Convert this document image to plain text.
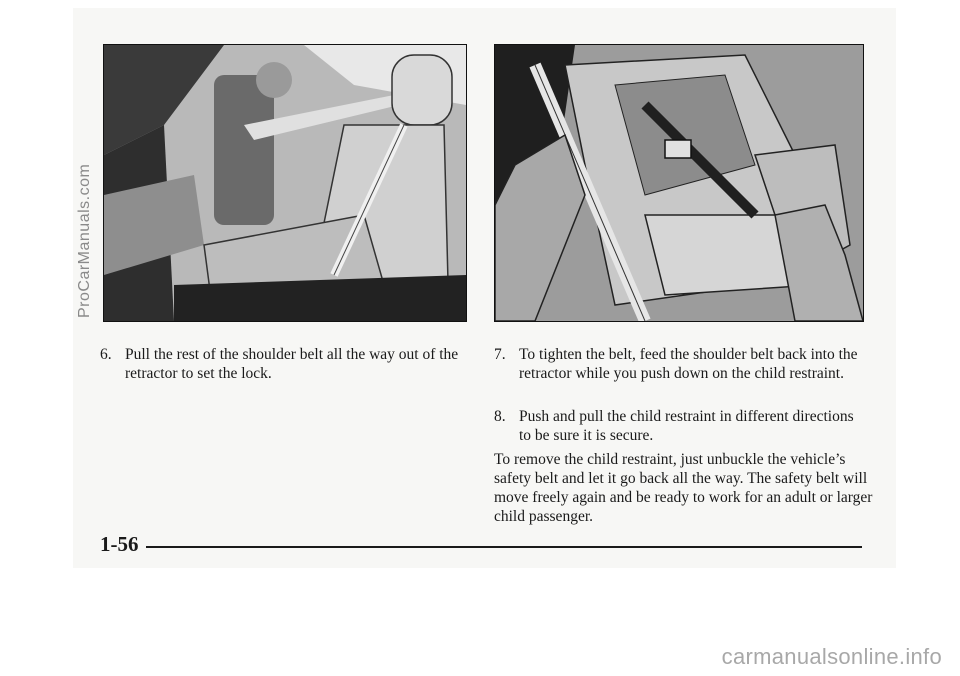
ProCarManuals.com
6. Pull the rest of the shoulder belt all the way out of the retractor to set the lock.
7. To tighten the belt, feed the shoulder belt back into the retractor while you push down on the child restraint.
8. Push and pull the child restraint in different directions to be sure it is secure.

To remove the child restraint, just unbuckle the vehicle’s safety belt and let it go back all the way. The safety belt will move freely again and be ready to work for an adult or larger child passenger.

1-56
carmanualsonline.info
